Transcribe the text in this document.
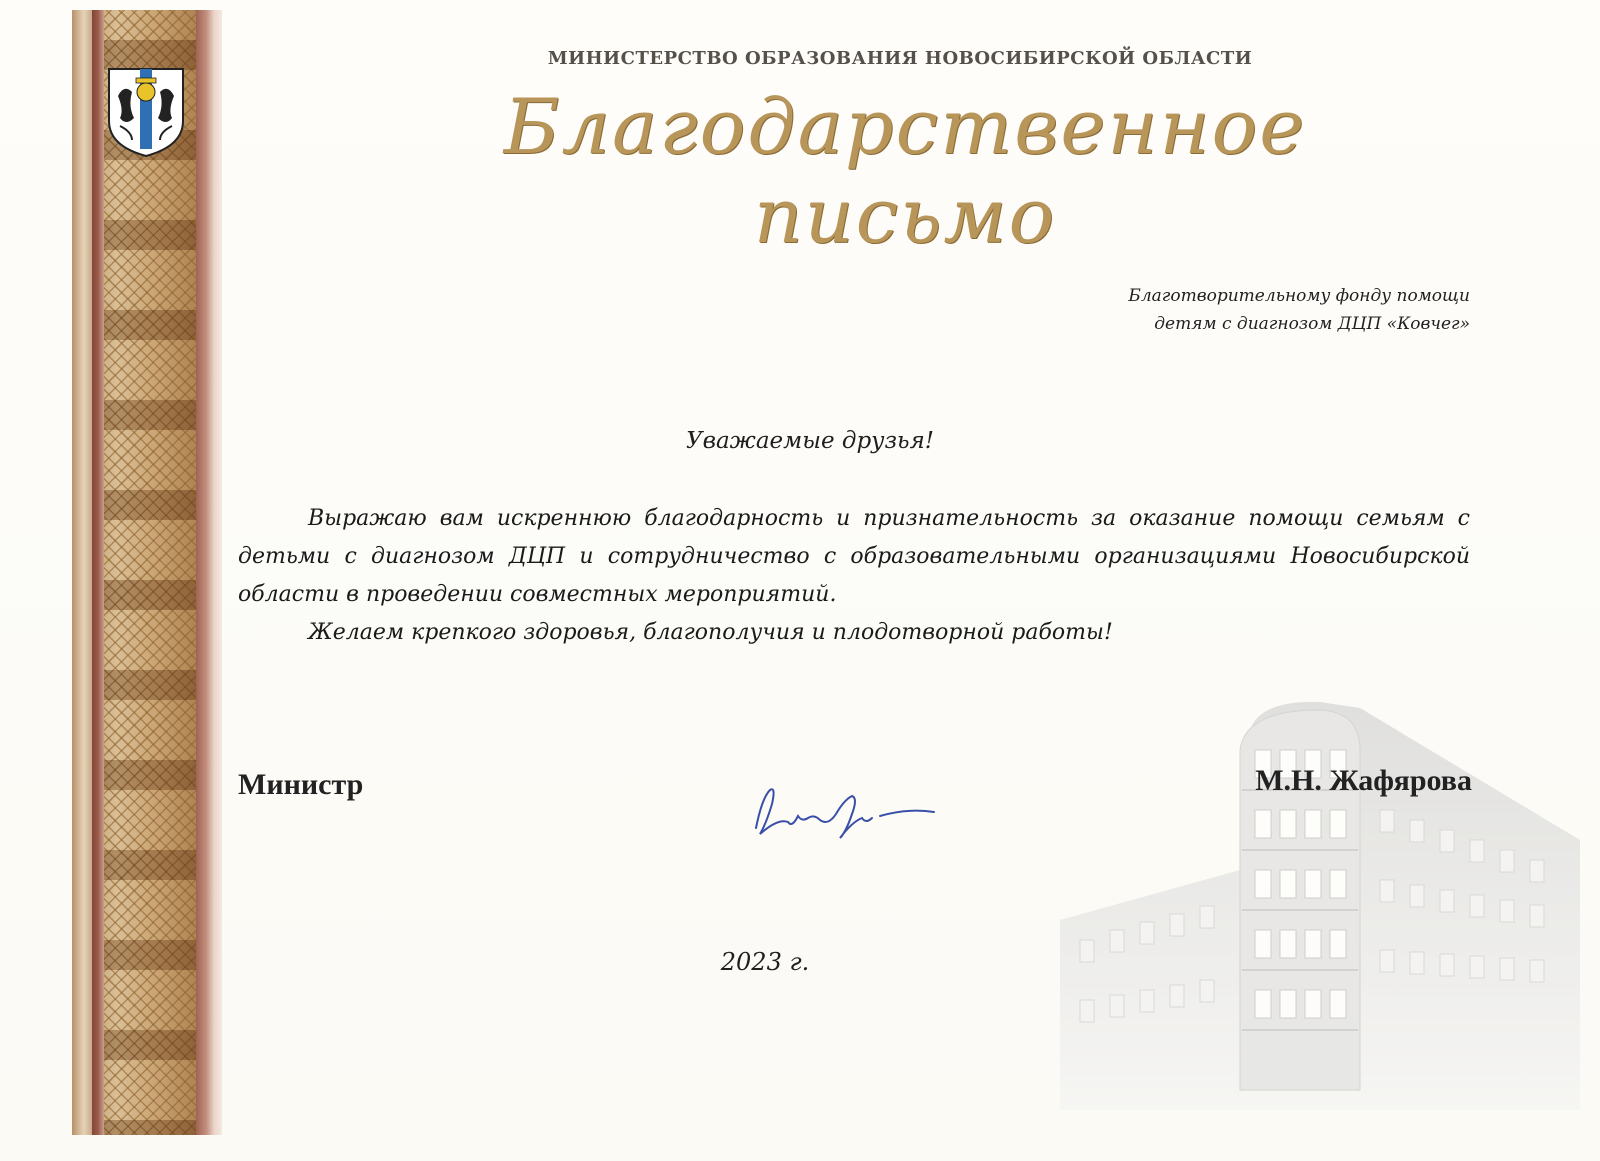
МИНИСТЕРСТВО ОБРАЗОВАНИЯ НОВОСИБИРСКОЙ ОБЛАСТИ
Благодарственное письмо
Благотворительному фонду помощи
детям с диагнозом ДЦП «Ковчег»
Уважаемые друзья!

Выражаю вам искреннюю благодарность и признательность за оказание помощи семьям с детьми с диагнозом ДЦП и сотрудничество с образовательными организациями Новосибирской области в проведении совместных мероприятий.

Желаем крепкого здоровья, благополучия и плодотворной работы!

Министр	М.Н. Жафярова
2023 г.
